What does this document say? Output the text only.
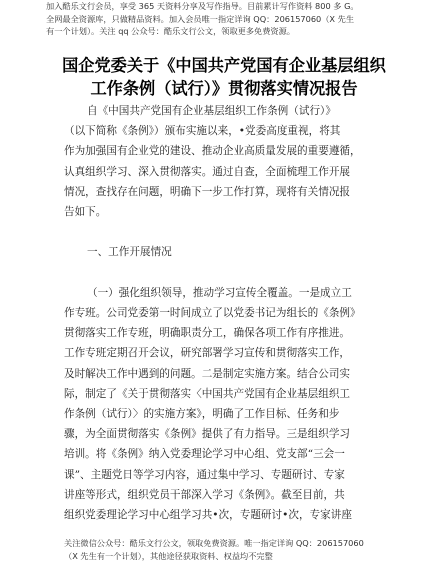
加入酷乐文行会员，享受 365 天资料分享及写作指导。目前累计写作资料 800 多 G。
全网最全资源库，只做精品资料。加入会员唯一指定详询 QQ：206157060（X 先生
有一个计划）。关注 qq 公众号：酷乐文行公文，领取更多免费资源。
国企党委关于《中国共产党国有企业基层组织
工作条例（试行）》贯彻落实情况报告
自《中国共产党国有企业基层组织工作条例（试行）》
（以下简称《条例》）颁布实施以来，•党委高度重视，将其
作为加强国有企业党的建设、推动企业高质量发展的重要遵循，
认真组织学习、深入贯彻落实。通过自查，全面梳理工作开展
情况，查找存在问题，明确下一步工作打算，现将有关情况报
告如下。

一、工作开展情况

（一）强化组织领导，推动学习宣传全覆盖。一是成立工
作专班。公司党委第一时间成立了以党委书记为组长的《条例》
贯彻落实工作专班，明确职责分工，确保各项工作有序推进。
工作专班定期召开会议，研究部署学习宣传和贯彻落实工作，
及时解决工作中遇到的问题。二是制定实施方案。结合公司实
际，制定了《关于贯彻落实〈中国共产党国有企业基层组织工
作条例（试行）〉的实施方案》，明确了工作目标、任务和步
骤，为全面贯彻落实《条例》提供了有力指导。三是组织学习
培训。将《条例》纳入党委理论学习中心组、党支部“三会一
课”、主题党日等学习内容，通过集中学习、专题研讨、专家
讲座等形式，组织党员干部深入学习《条例》。截至目前，共
组织党委理论学习中心组学习共•次，专题研讨•次，专家讲座
关注微信公众号：酷乐文行公文，领取免费资源。唯一指定详询 QQ：206157060
（X 先生有一个计划），其他途径获取资料、权益均不完整
